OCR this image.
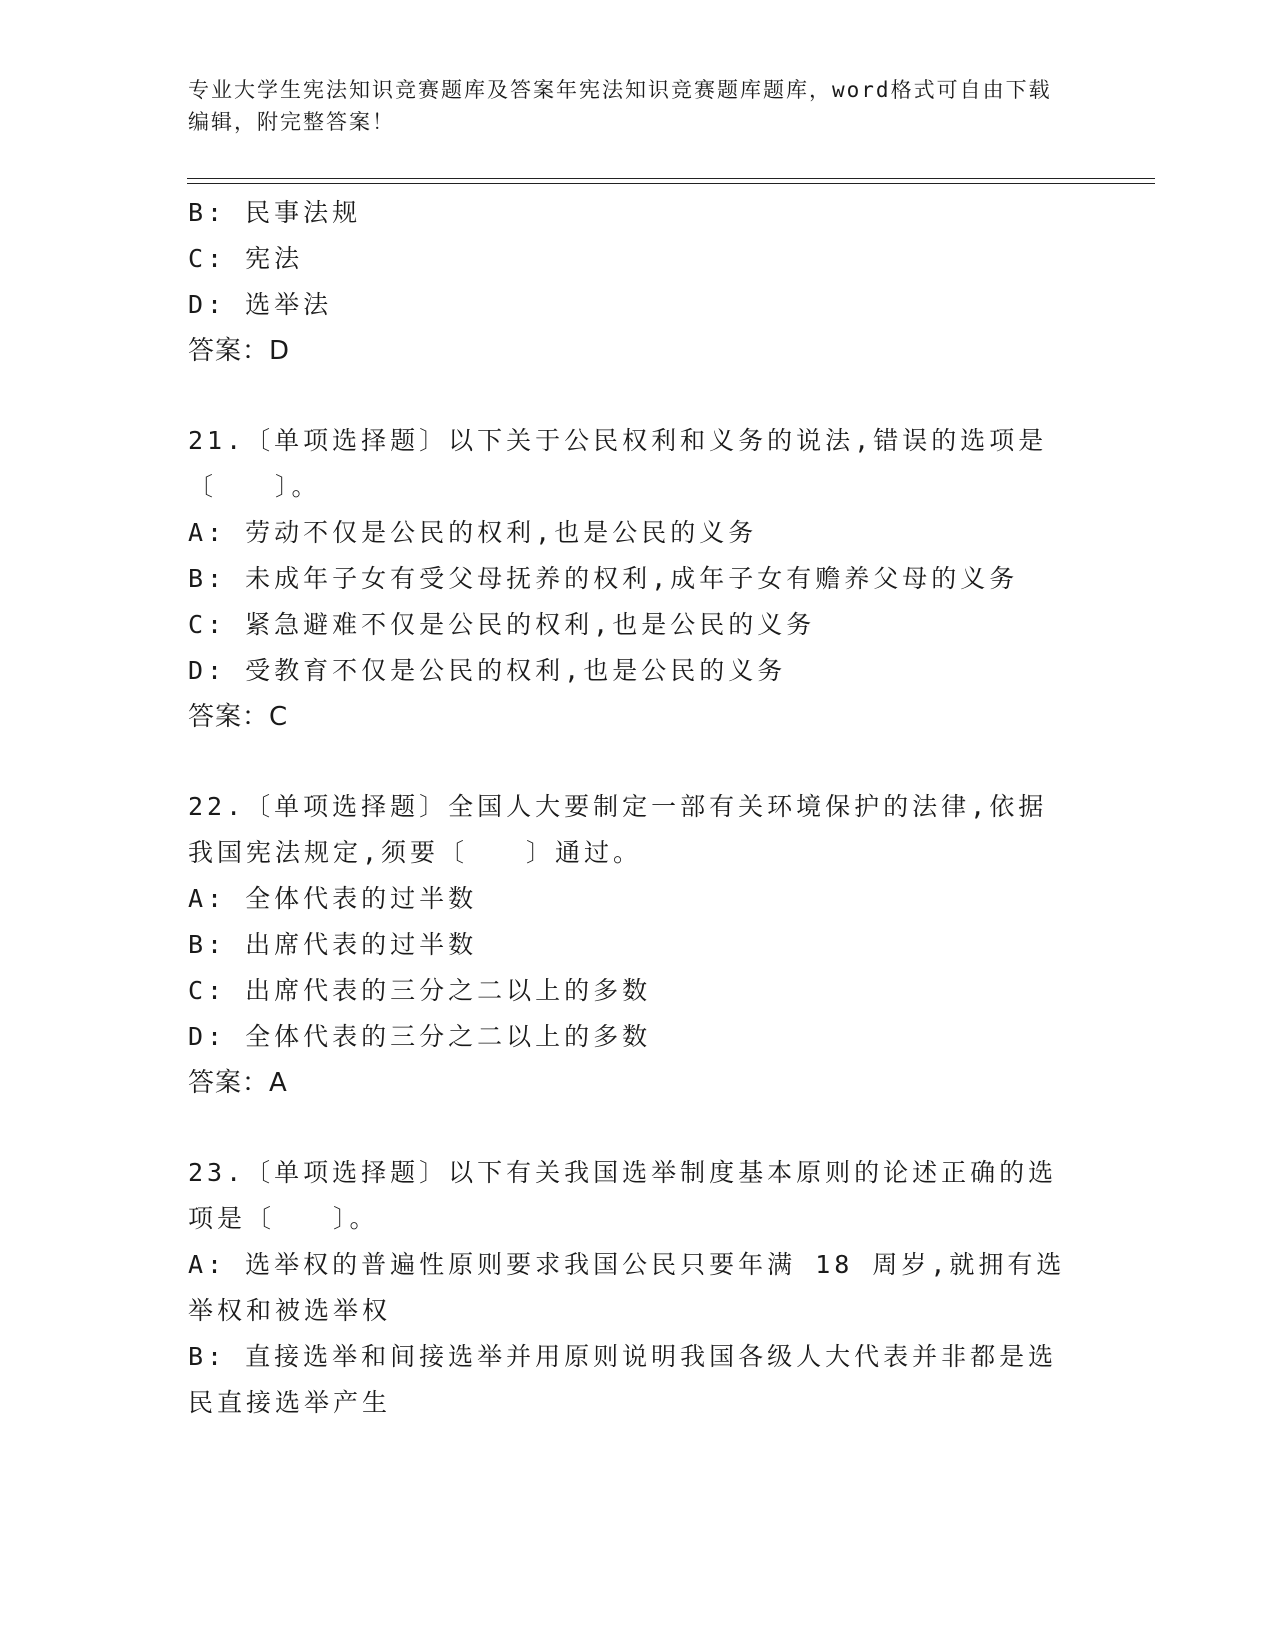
专业大学生宪法知识竞赛题库及答案年宪法知识竞赛题库题库，word格式可自由下载编辑，附完整答案！
B: 民事法规
C: 宪法
D: 选举法
答案：D
21.〔单项选择题〕以下关于公民权利和义务的说法,错误的选项是〔　　〕。
A: 劳动不仅是公民的权利,也是公民的义务
B: 未成年子女有受父母抚养的权利,成年子女有赡养父母的义务
C: 紧急避难不仅是公民的权利,也是公民的义务
D: 受教育不仅是公民的权利,也是公民的义务
答案：C
22.〔单项选择题〕全国人大要制定一部有关环境保护的法律,依据我国宪法规定,须要〔　　〕通过。
A: 全体代表的过半数
B: 出席代表的过半数
C: 出席代表的三分之二以上的多数
D: 全体代表的三分之二以上的多数
答案：A
23.〔单项选择题〕以下有关我国选举制度基本原则的论述正确的选项是〔　　〕。
A: 选举权的普遍性原则要求我国公民只要年满 18 周岁,就拥有选举权和被选举权
B: 直接选举和间接选举并用原则说明我国各级人大代表并非都是选民直接选举产生
